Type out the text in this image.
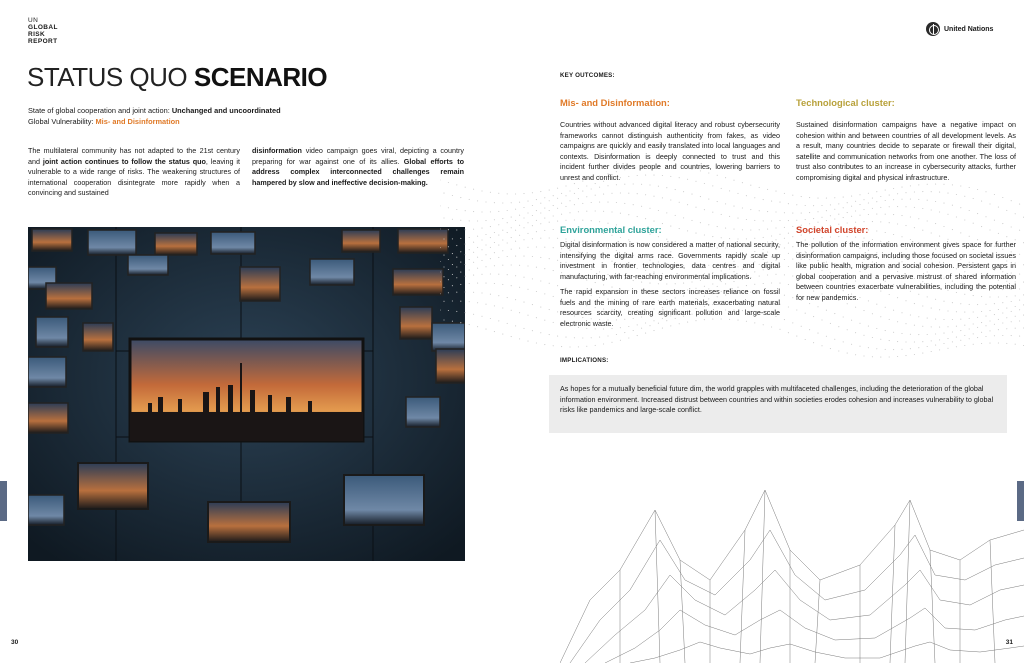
UN
GLOBAL
RISK
REPORT
STATUS QUO SCENARIO
State of global cooperation and joint action: Unchanged and uncoordinated
Global Vulnerability: Mis- and Disinformation

The multilateral community has not adapted to the 21st century and joint action continues to follow the status quo, leaving it vulnerable to a wide range of risks. The weakening structures of international cooperation disintegrate more rapidly when a convincing and sustained

disinformation video campaign goes viral, depicting a country preparing for war against one of its allies. Global efforts to address complex interconnected challenges remain hampered by slow and ineffective decision-making.

30	31
United Nations
KEY OUTCOMES:
Mis- and Disinformation:

Countries without advanced digital literacy and robust cybersecurity frameworks cannot distinguish authenticity from fakes, as video campaigns are quickly and easily translated into local languages and contexts. Disinformation is deeply connected to trust and this incident further divides people and countries, lowering barriers to unrest and conflict.

Technological cluster:

Sustained disinformation campaigns have a negative impact on cohesion within and between countries of all development levels. As a result, many countries decide to separate or firewall their digital, satellite and communication networks from one another. The loss of trust also contributes to an increase in cybersecurity attacks, further compromising digital and physical infrastructure.

Environmental cluster:

Digital disinformation is now considered a matter of national security, intensifying the digital arms race. Governments rapidly scale up investment in frontier technologies, data centres and digital manufacturing, with far-reaching environmental implications.

The rapid expansion in these sectors increases reliance on fossil fuels and the mining of rare earth materials, exacerbating natural resources scarcity, creating significant pollution and large-scale electronic waste.

Societal cluster:

The pollution of the information environment gives space for further disinformation campaigns, including those focused on societal issues like public health, migration and social cohesion. Persistent gaps in global cooperation and a pervasive mistrust of shared information between countries exacerbate vulnerabilities, including the potential for new pandemics.

IMPLICATIONS:
As hopes for a mutually beneficial future dim, the world grapples with multifaceted challenges, including the deterioration of the global information environment. Increased distrust between countries and within societies erodes cohesion and increases vulnerability to global risks like pandemics and large-scale conflict.
